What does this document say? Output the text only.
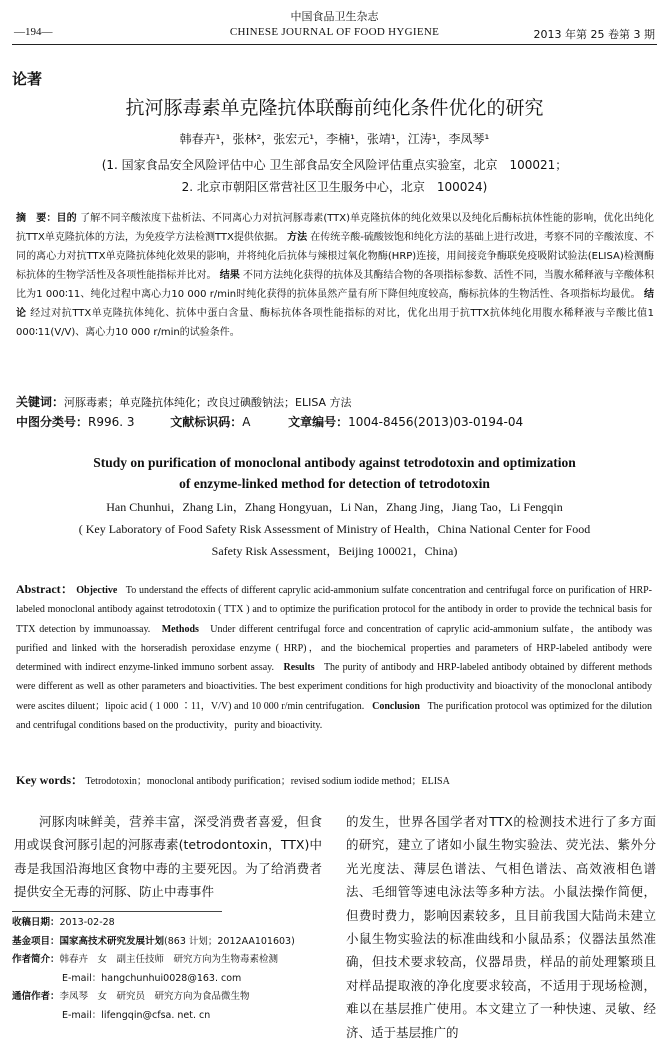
中国食品卫生杂志
—194—	CHINESE JOURNAL OF FOOD HYGIENE	2013 年第 25 卷第 3 期
论著
抗河豚毒素单克隆抗体联酶前纯化条件优化的研究
韩春卉¹，张林²，张宏元¹，李楠¹，张靖¹，江涛¹，李凤琴¹
(1. 国家食品安全风险评估中心 卫生部食品安全风险评估重点实验室，北京　100021；
2. 北京市朝阳区常营社区卫生服务中心，北京　100024)
摘　要：目的 了解不同辛酸浓度下盐析法、不同离心力对抗河豚毒素(TTX)单克隆抗体的纯化效果以及纯化后酶标抗体性能的影响，优化出纯化抗TTX单克隆抗体的方法，为免疫学方法检测TTX提供依据。 方法 在传统辛酸-硫酸铵饱和纯化方法的基础上进行改进，考察不同的辛酸浓度、不同的离心力对抗TTX单克隆抗体纯化效果的影响，并将纯化后抗体与辣根过氧化物酶(HRP)连接，用间接竞争酶联免疫吸附试验法(ELISA)检测酶标抗体的生物学活性及各项性能指标并比对。 结果 不同方法纯化获得的抗体及其酶结合物的各项指标参数、活性不同，当腹水稀释液与辛酸体积比为1 000∶11、纯化过程中离心力10 000 r/min时纯化获得的抗体虽然产量有所下降但纯度较高，酶标抗体的生物活性、各项指标均最优。 结论 经过对抗TTX单克隆抗体纯化、抗体中蛋白含量、酶标抗体各项性能指标的对比，优化出用于抗TTX抗体纯化用腹水稀释液与辛酸比值1 000∶11(V/V)、离心力10 000 r/min的试验条件。
关键词：河豚毒素；单克隆抗体纯化；改良过碘酸钠法；ELISA 方法
中图分类号：R996. 3	文献标识码：A	文章编号：1004-8456(2013)03-0194-04
Study on purification of monoclonal antibody against tetrodotoxin and optimization
of enzyme-linked method for detection of tetrodotoxin
Han Chunhui，Zhang Lin，Zhang Hongyuan，Li Nan，Zhang Jing，Jiang Tao，Li Fengqin
( Key Laboratory of Food Safety Risk Assessment of Ministry of Health，China National Center for Food
Safety Risk Assessment，Beijing 100021，China)
Abstract： Objective To understand the effects of different caprylic acid-ammonium sulfate concentration and centrifugal force on purification of HRP-labeled monoclonal antibody against tetrodotoxin ( TTX ) and to optimize the purification protocol for the antibody in order to provide the technical basis for TTX detection by immunoassay. Methods Under different centrifugal force and concentration of caprylic acid-ammonium sulfate，the antibody was purified and linked with the horseradish peroxidase enzyme ( HRP)，and the biochemical properties and parameters of HRP-labeled antibody were determined with indirect enzyme-linked immuno sorbent assay. Results The purity of antibody and HRP-labeled antibody obtained by different methods were different as well as other parameters and bioactivities. The best experiment conditions for high productivity and bioactivity of the monoclonal antibody were ascites diluent；lipoic acid ( 1 000 ∶11，V/V) and 10 000 r/min centrifugation. Conclusion The purification protocol was optimized for the dilution and centrifugal conditions based on the productivity，purity and bioactivity.
Key words： Tetrodotoxin；monoclonal antibody purification；revised sodium iodide method；ELISA
河豚肉味鲜美，营养丰富，深受消费者喜爱，但食用或误食河豚引起的河豚毒素(tetrodontoxin，TTX)中毒是我国沿海地区食物中毒的主要死因。为了给消费者提供安全无毒的河豚、防止中毒事件
的发生，世界各国学者对TTX的检测技术进行了多方面的研究，建立了诸如小鼠生物实验法、荧光法、紫外分光光度法、薄层色谱法、气相色谱法、高效液相色谱法、毛细管等速电泳法等多种方法。小鼠法操作简便，但费时费力，影响因素较多，且目前我国大陆尚未建立小鼠生物实验法的标准曲线和小鼠品系；仪器法虽然准确，但技术要求较高，仪器昂贵，样品的前处理繁琐且对样品提取液的净化度要求较高，不适用于现场检测，难以在基层推广使用。本文建立了一种快速、灵敏、经济、适于基层推广的
收稿日期：2013-02-28
基金项目：国家高技术研究发展计划(863 计划；2012AA101603)
作者简介：韩春卉　女　副主任技师　研究方向为生物毒素检测
E-mail：hangchunhui0028@163. com
通信作者：李凤琴　女　研究员　研究方向为食品微生物
E-mail：lifengqin@cfsa. net. cn
